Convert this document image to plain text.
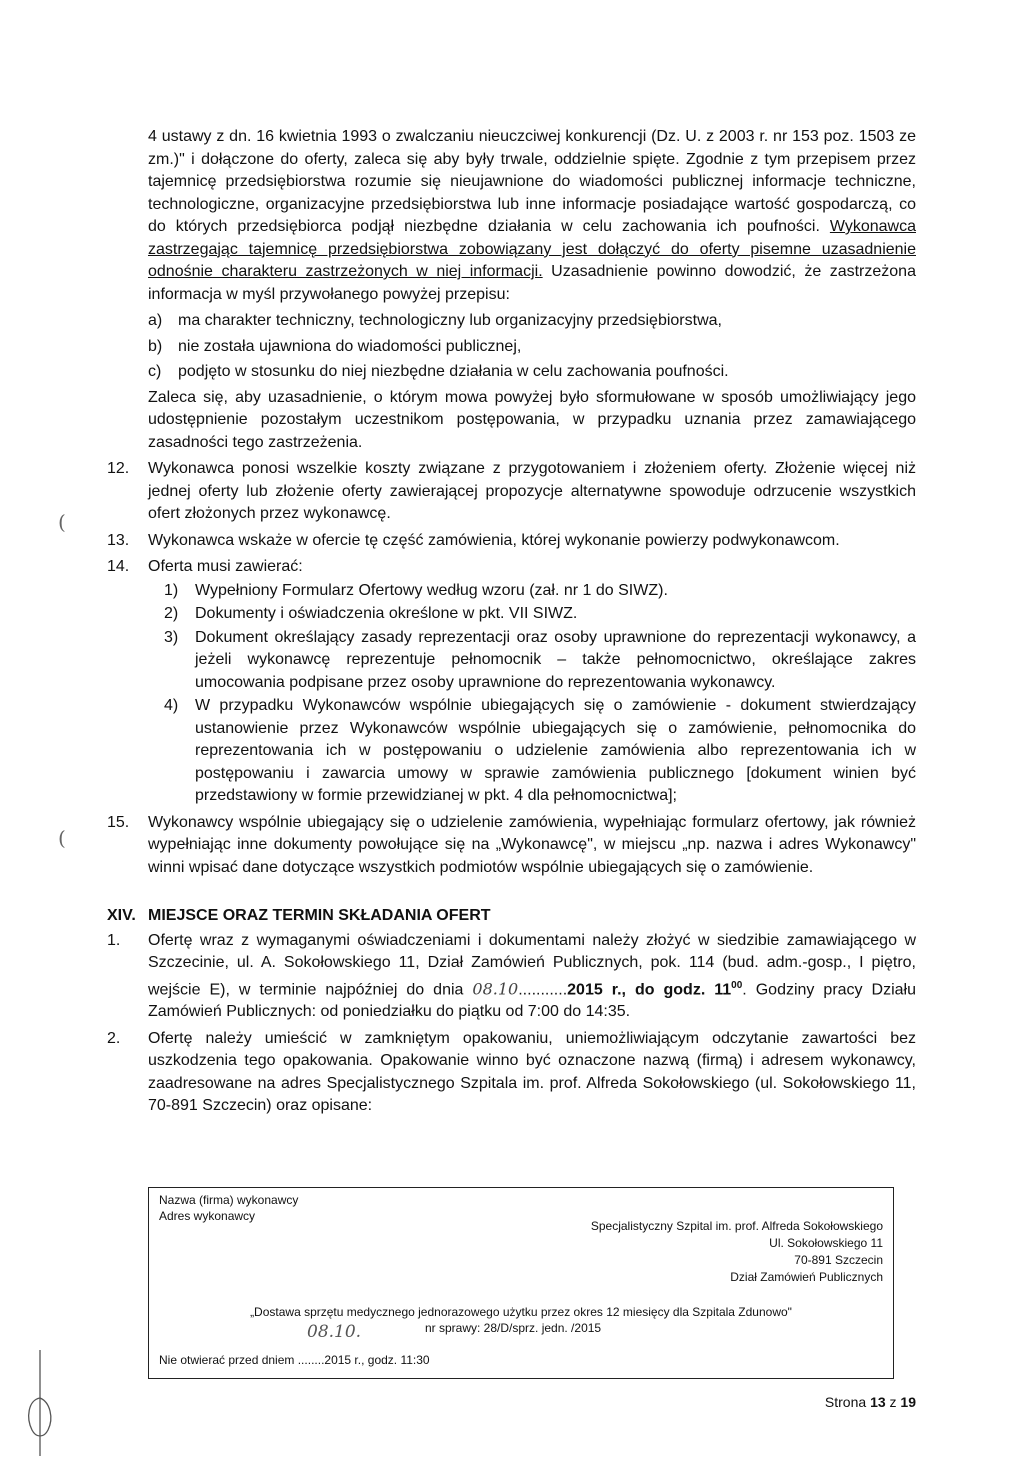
4 ustawy z dn. 16 kwietnia 1993 o zwalczaniu nieuczciwej konkurencji (Dz. U. z 2003 r. nr 153 poz. 1503 ze zm.)" i dołączone do oferty, zaleca się aby były trwale, oddzielnie spięte. Zgodnie z tym przepisem przez tajemnicę przedsiębiorstwa rozumie się nieujawnione do wiadomości publicznej informacje techniczne, technologiczne, organizacyjne przedsiębiorstwa lub inne informacje posiadające wartość gospodarczą, co do których przedsiębiorca podjął niezbędne działania w celu zachowania ich poufności. Wykonawca zastrzegając tajemnicę przedsiębiorstwa zobowiązany jest dołączyć do oferty pisemne uzasadnienie odnośnie charakteru zastrzeżonych w niej informacji. Uzasadnienie powinno dowodzić, że zastrzeżona informacja w myśl przywołanego powyżej przepisu:

a) ma charakter techniczny, technologiczny lub organizacyjny przedsiębiorstwa,
b) nie została ujawniona do wiadomości publicznej,
c)	podjęto w stosunku do niej niezbędne działania w celu zachowania poufności.

Zaleca się, aby uzasadnienie, o którym mowa powyżej było sformułowane w sposób umożliwiający jego udostępnienie pozostałym uczestnikom postępowania, w przypadku uznania przez zamawiającego zasadności tego zastrzeżenia.

12.	Wykonawca ponosi wszelkie koszty związane z przygotowaniem i złożeniem oferty. Złożenie więcej niż jednej oferty lub złożenie oferty zawierającej propozycje alternatywne spowoduje odrzucenie wszystkich ofert złożonych przez wykonawcę.
13.	Wykonawca wskaże w ofercie tę część zamówienia, której wykonanie powierzy podwykonawcom.
14.	Oferta musi zawierać:
1)	Wypełniony Formularz Ofertowy według wzoru (zał. nr 1 do SIWZ).
2)	Dokumenty i oświadczenia określone w pkt. VII SIWZ.
3)	Dokument określający zasady reprezentacji oraz osoby uprawnione do reprezentacji wykonawcy, a jeżeli wykonawcę reprezentuje pełnomocnik – także pełnomocnictwo, określające zakres umocowania podpisane przez osoby uprawnione do reprezentowania wykonawcy.
4)	W przypadku Wykonawców wspólnie ubiegających się o zamówienie - dokument stwierdzający ustanowienie przez Wykonawców wspólnie ubiegających się o zamówienie, pełnomocnika do reprezentowania ich w postępowaniu o udzielenie zamówienia albo reprezentowania ich w postępowaniu i zawarcia umowy w sprawie zamówienia publicznego [dokument winien być przedstawiony w formie przewidzianej w pkt. 4 dla pełnomocnictwa];
15.	Wykonawcy wspólnie ubiegający się o udzielenie zamówienia, wypełniając formularz ofertowy, jak również wypełniając inne dokumenty powołujące się na „Wykonawcę", w miejscu „np. nazwa i adres Wykonawcy" winni wpisać dane dotyczące wszystkich podmiotów wspólnie ubiegających się o zamówienie.
XIV. MIEJSCE ORAZ TERMIN SKŁADANIA OFERT
1.	Ofertę wraz z wymaganymi oświadczeniami i dokumentami należy złożyć w siedzibie zamawiającego w Szczecinie, ul. A. Sokołowskiego 11, Dział Zamówień Publicznych, pok. 114 (bud. adm.-gosp., I piętro, wejście E), w terminie najpóźniej do dnia 08.10...........2015 r., do godz. $11^{00}$. Godziny pracy Działu Zamówień Publicznych: od poniedziałku do piątku od 7:00 do 14:35.
2.	Ofertę należy umieścić w zamkniętym opakowaniu, uniemożliwiającym odczytanie zawartości bez uszkodzenia tego opakowania. Opakowanie winno być oznaczone nazwą (firmą) i adresem wykonawcy, zaadresowane na adres Specjalistycznego Szpitala im. prof. Alfreda Sokołowskiego (ul. Sokołowskiego 11, 70-891 Szczecin) oraz opisane:
Nazwa (firma) wykonawcy
Adres wykonawcy
Specjalistyczny Szpital im. prof. Alfreda Sokołowskiego
Ul. Sokołowskiego 11
70-891 Szczecin
Dział Zamówień Publicznych
„Dostawa sprzętu medycznego jednorazowego użytku przez okres 12 miesięcy dla Szpitala Zdunowo"
nr sprawy: 28/D/sprz. jedn. /2015
08.10.
Nie otwierać przed dniem ........2015 r., godz. 11:30
Strona 13 z 19
(
(
